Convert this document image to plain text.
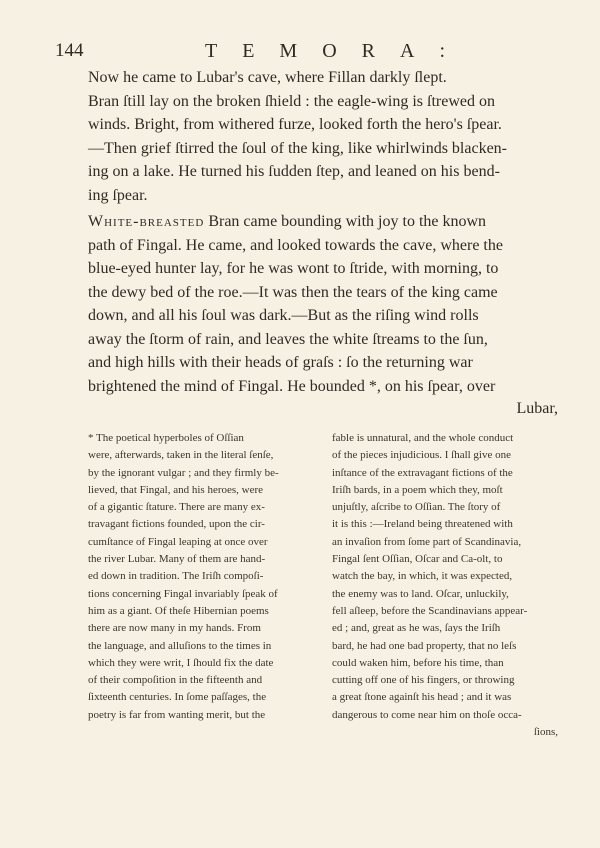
144	TEMORA:
Now he came to Lubar's cave, where Fillan darkly ſlept.
Bran ſtill lay on the broken ſhield : the eagle-wing is ſtrewed on
winds. Bright, from withered furze, looked forth the hero's ſpear.
—Then grief ſtirred the ſoul of the king, like whirlwinds blacken-
ing on a lake. He turned his ſudden ſtep, and leaned on his bend-
ing ſpear.
White-breasted Bran came bounding with joy to the known
path of Fingal. He came, and looked towards the cave, where the
blue-eyed hunter lay, for he was wont to ſtride, with morning, to
the dewy bed of the roe.—It was then the tears of the king came
down, and all his ſoul was dark.—But as the riſing wind rolls
away the ſtorm of rain, and leaves the white ſtreams to the ſun,
and high hills with their heads of graſs : ſo the returning war
brightened the mind of Fingal. He bounded *, on his ſpear, over
Lubar,
* The poetical hyperboles of Oſſian
were, afterwards, taken in the literal ſenſe,
by the ignorant vulgar ; and they firmly be-
lieved, that Fingal, and his heroes, were
of a gigantic ſtature. There are many ex-
travagant fictions founded, upon the cir-
cumſtance of Fingal leaping at once over
the river Lubar. Many of them are hand-
ed down in tradition. The Iriſh compoſi-
tions concerning Fingal invariably ſpeak of
him as a giant. Of theſe Hibernian poems
there are now many in my hands. From
the language, and alluſions to the times in
which they were writ, I ſhould fix the date
of their compoſition in the fifteenth and
ſixteenth centuries. In ſome paſſages, the
poetry is far from wanting merit, but the
fable is unnatural, and the whole conduct
of the pieces injudicious. I ſhall give one
inſtance of the extravagant fictions of the
Iriſh bards, in a poem which they, moſt
unjuſtly, aſcribe to Oſſian. The ſtory of
it is this :—Ireland being threatened with
an invaſion from ſome part of Scandinavia,
Fingal ſent Oſſian, Oſcar and Ca-olt, to
watch the bay, in which, it was expected,
the enemy was to land. Oſcar, unluckily,
fell aſleep, before the Scandinavians appear-
ed ; and, great as he was, ſays the Iriſh
bard, he had one bad property, that no leſs
could waken him, before his time, than
cutting off one of his fingers, or throwing
a great ſtone againſt his head ; and it was
dangerous to come near him on thoſe occa-
ſions,
